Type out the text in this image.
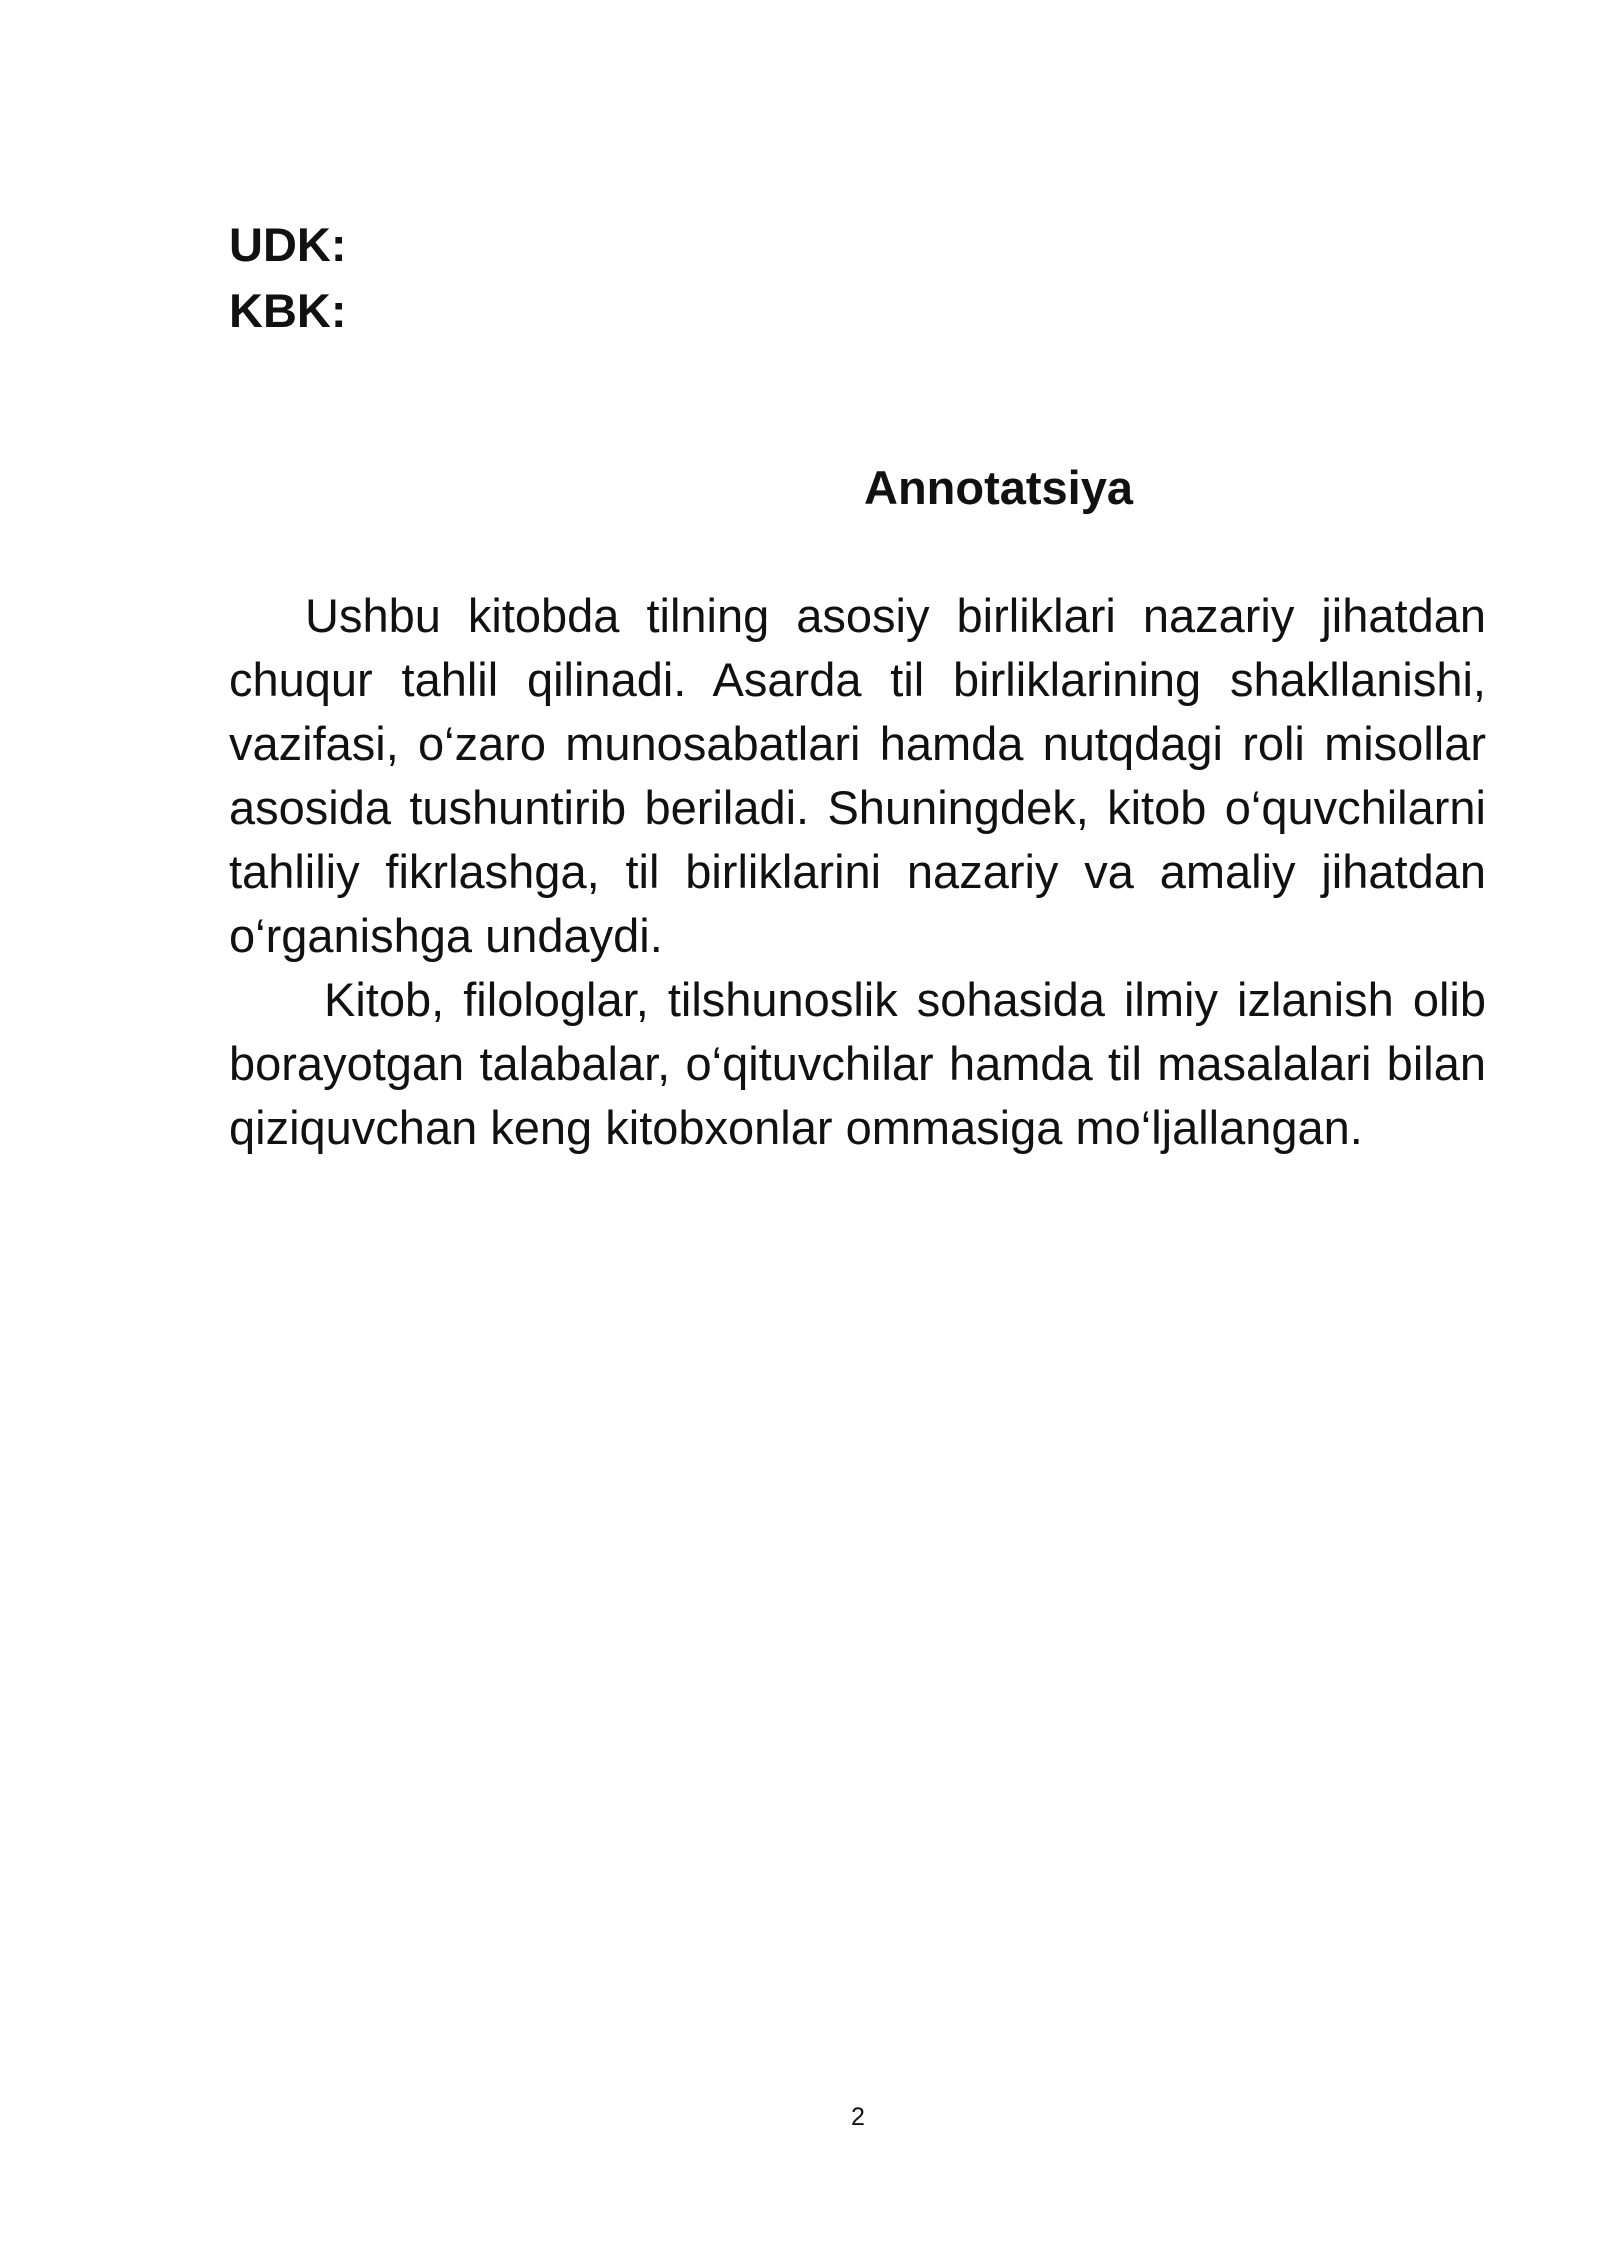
UDK:
KBK:
Annotatsiya

Ushbu kitobda tilning asosiy birliklari nazariy jihatdan chuqur tahlil qilinadi. Asarda til birliklarining shakllanishi, vazifasi, o‘zaro munosabatlari hamda nutqdagi roli misollar asosida tushuntirib beriladi. Shuningdek, kitob o‘quvchilarni tahliliy fikrlashga, til birliklarini nazariy va amaliy jihatdan o‘rganishga undaydi.

Kitob, filologlar, tilshunoslik sohasida ilmiy izlanish olib borayotgan talabalar, o‘qituvchilar hamda til masalalari bilan qiziquvchan keng kitobxonlar ommasiga mo‘ljallangan.

2
